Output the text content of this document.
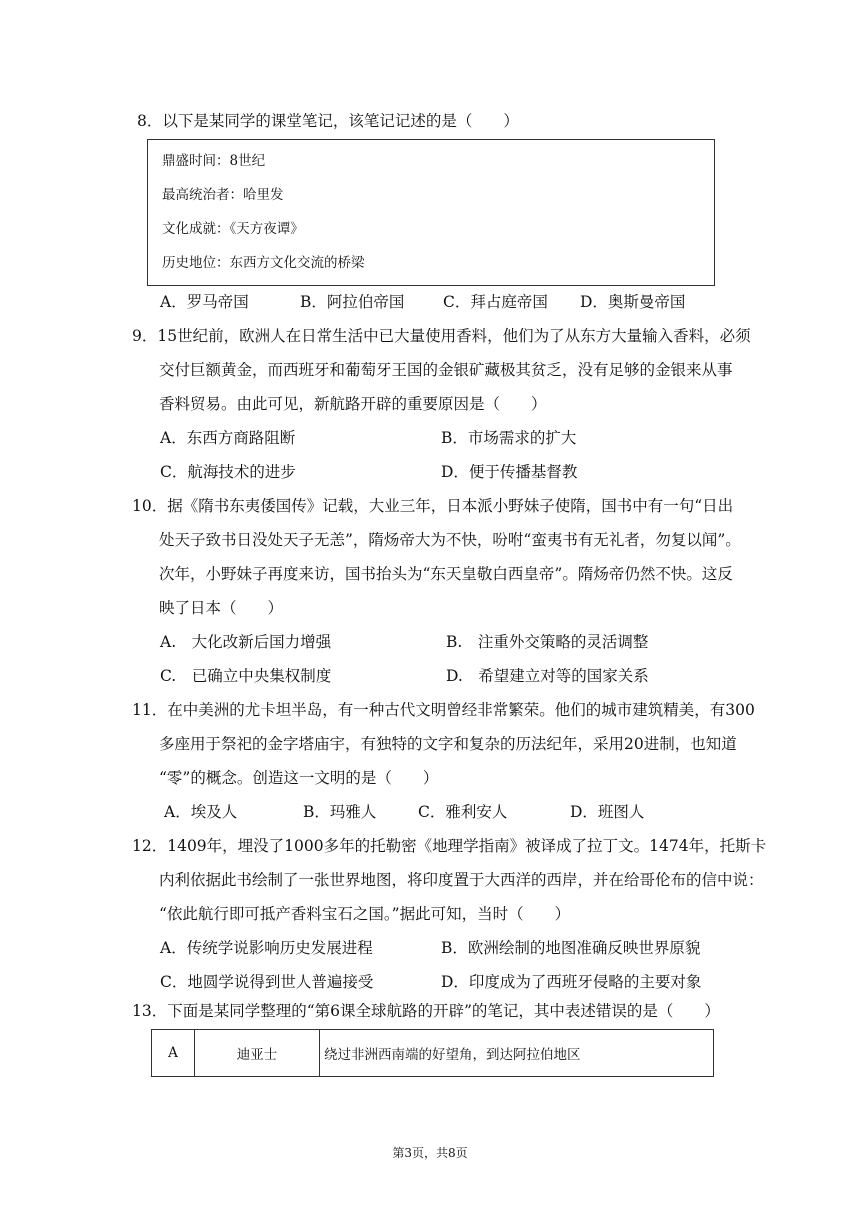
8．以下是某同学的课堂笔记，该笔记记述的是（　　）
鼎盛时间：8世纪
最高统治者：哈里发
文化成就：《天方夜谭》
历史地位：东西方文化交流的桥梁
A．罗马帝国	B．阿拉伯帝国 C．拜占庭帝国 D．奥斯曼帝国
9．15世纪前，欧洲人在日常生活中已大量使用香料，他们为了从东方大量输入香料，必须
交付巨额黄金，而西班牙和葡萄牙王国的金银矿藏极其贫乏，没有足够的金银来从事
香料贸易。由此可见，新航路开辟的重要原因是（　　）
A．东西方商路阻断	B．市场需求的扩大
C．航海技术的进步	D．便于传播基督教
10．据《隋书东夷倭国传》记载，大业三年，日本派小野妹子使隋，国书中有一句“日出
处天子致书日没处天子无恙”，隋炀帝大为不快，吩咐“蛮夷书有无礼者，勿复以闻”。
次年，小野妹子再度来访，国书抬头为“东天皇敬白西皇帝”。隋炀帝仍然不快。这反
映了日本（　　）
A.　大化改新后国力增强	B.　注重外交策略的灵活调整
C.　已确立中央集权制度	D.　希望建立对等的国家关系
11．在中美洲的尤卡坦半岛，有一种古代文明曾经非常繁荣。他们的城市建筑精美，有300
多座用于祭祀的金字塔庙宇，有独特的文字和复杂的历法纪年，采用20进制，也知道
“零”的概念。创造这一文明的是（　　）
A．埃及人	B．玛雅人	C．雅利安人	D．班图人
12．1409年，埋没了1000多年的托勒密《地理学指南》被译成了拉丁文。1474年，托斯卡
内利依据此书绘制了一张世界地图，将印度置于大西洋的西岸，并在给哥伦布的信中说：
“依此航行即可抵产香料宝石之国。”据此可知，当时（　　）
A．传统学说影响历史发展进程	B．欧洲绘制的地图准确反映世界原貌
C．地圆学说得到世人普遍接受	D．印度成为了西班牙侵略的主要对象
13．下面是某同学整理的“第6课全球航路的开辟”的笔记，其中表述错误的是（　　）
A	迪亚士	绕过非洲西南端的好望角，到达阿拉伯地区
第3页，共8页
